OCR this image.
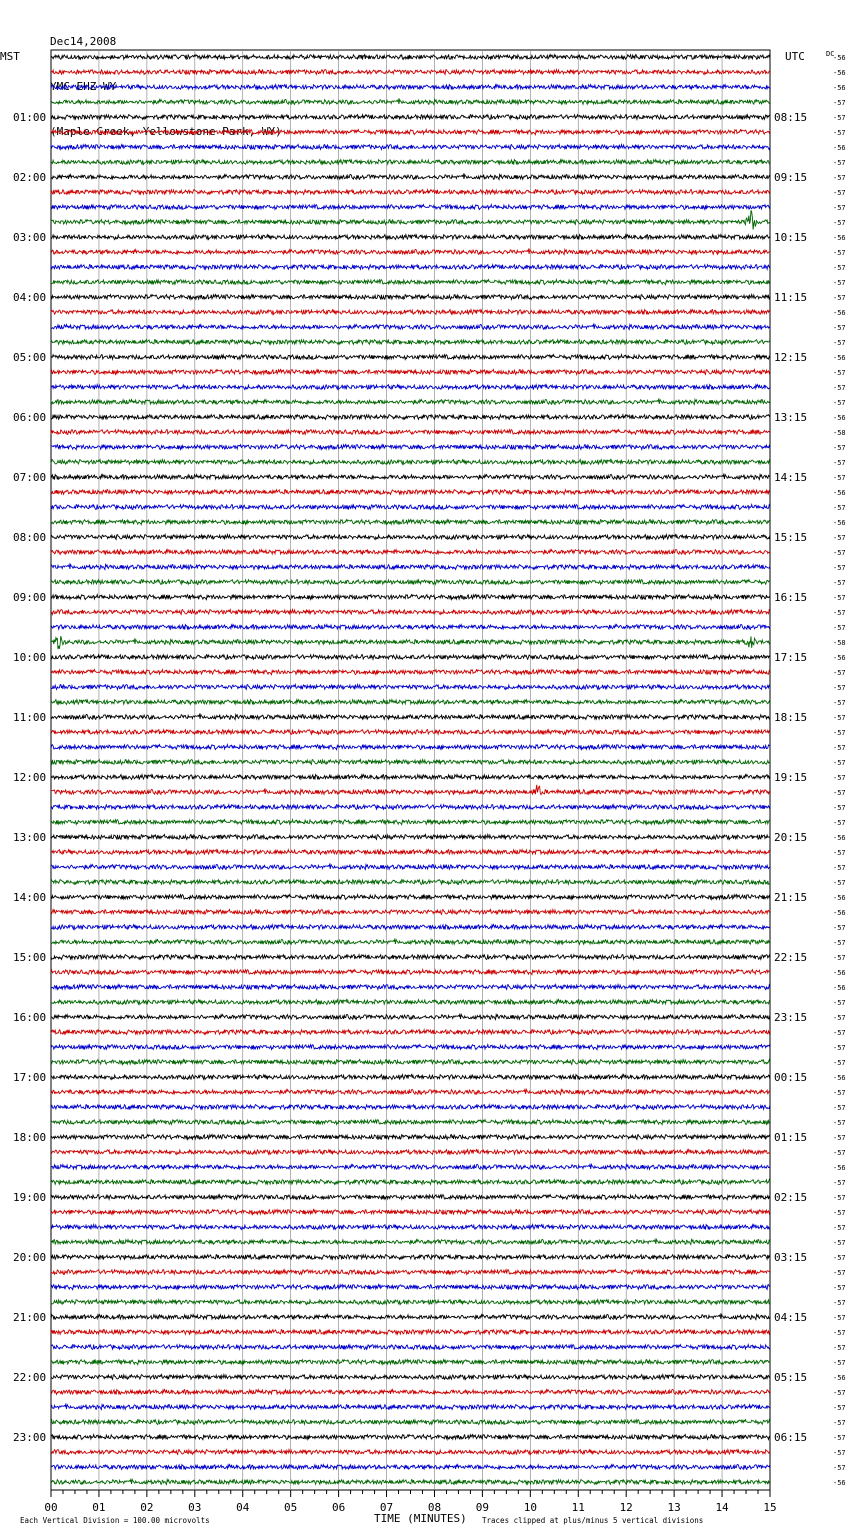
Dec14,2008

YMC EHZ WY

(Maple Creek, Yellowstone Park, WY)

-56
-56
-56
-57
-57
01:00	08:15
-57
-56
-57
-57
02:00	09:15
-57
-57
-57
-56
03:00	10:15
-57
-57
-57
-57
04:00	11:15
-56
-57
-57
-56
05:00	12:15
-57
-57
-57
-56
06:00	13:15
-58
-57
-57
-57
07:00	14:15
-56
-57
-56
-57
08:00	15:15
-57
-57
-57
-57
09:00	16:15
-57
-57
-58
-56
10:00	17:15
-57
-57
-57
-57
11:00	18:15
-57
-57
-57
-57
12:00	19:15
-57
-57
-57
-56
13:00	20:15
-57
-57
-57
-56
14:00	21:15
-56
-57
-57
-57
15:00	22:15
-56
-56
-57
-57
16:00	23:15
-57
-57
-57
-56
17:00	00:15
-57
-57
-57
-57
18:00	01:15
-57
-56
-57
-57
19:00	02:15
-57
-57
-57
-57
20:00	03:15
-57
-57
-57
-57
21:00	04:15
-57
-57
-57
-56
22:00	05:15
-57
-57
-57
-57
23:00	06:15
-57
-57
-56
00	01	02	03	04	05	06	07	08	09	10	11	12	13	14	15
MST	UTC	DC
TIME (MINUTES)
Each Vertical Division = 100.00 microvolts	Traces clipped at plus/minus 5 vertical divisions
